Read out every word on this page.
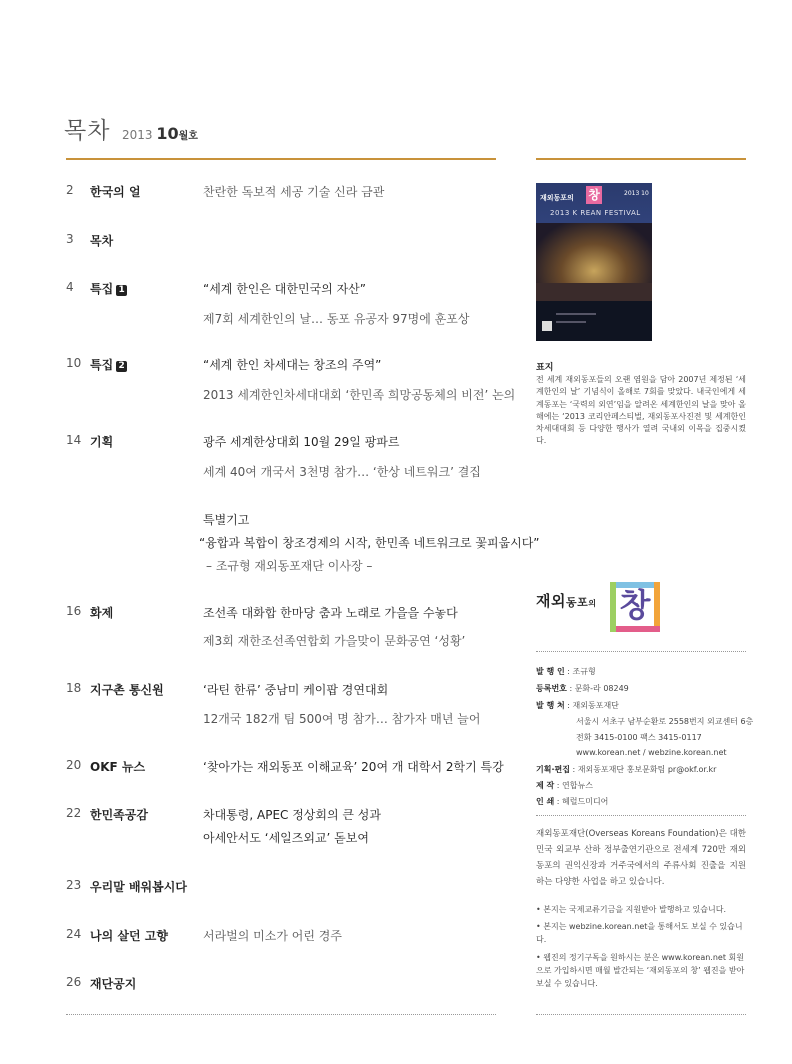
목차 2013 10월호
2 한국의 얼	찬란한 독보적 세공 기술 신라 금관
3 목차
4 특집 1	“세계 한인은 대한민국의 자산”
제7회 세계한인의 날… 동포 유공자 97명에 훈포상
10 특집 2	“세계 한인 차세대는 창조의 주역”
2013 세계한인차세대대회 ‘한민족 희망공동체의 비전’ 논의
14 기획	광주 세계한상대회 10월 29일 팡파르
세계 40여 개국서 3천명 참가… ‘한상 네트워크’ 결집
특별기고
“융합과 복합이 창조경제의 시작, 한민족 네트워크로 꽃피웁시다”
– 조규형 재외동포재단 이사장 –
16 화제	조선족 대화합 한마당 춤과 노래로 가을을 수놓다
제3회 재한조선족연합회 가을맞이 문화공연 ‘성황’
18 지구촌 통신원	‘라틴 한류’ 중남미 케이팝 경연대회
12개국 182개 팀 500여 명 참가… 참가자 매년 늘어
20 OKF 뉴스	‘찾아가는 재외동포 이해교육’ 20여 개 대학서 2학기 특강
22 한민족공감	차대통령, APEC 정상회의 큰 성과
아세안서도 ‘세일즈외교’ 돋보여
23 우리말 배워봅시다
24 나의 살던 고향	서라벌의 미소가 어린 경주
26 재단공지
재외동포의 창	2013 10
2013 K REAN FESTIVAL
표지
전 세계 재외동포들의 오랜 염원을 담아 2007년 제정된 ‘세계한인의 날’ 기념식이 올해로 7회를 맞았다. 내국인에게 세계동포는 ‘국력의 외연’임을 알려온 세계한인의 날을 맞아 올해에는 ‘2013 코리안페스티벌, 재외동포사진전 및 세계한인차세대대회 등 다양한 행사가 열려 국내외 이목을 집중시켰다.
재외동포의 창
발 행 인 : 조규형
등록번호 : 문화-라 08249
발 행 처 : 재외동포재단
서울시 서초구 남부순환로 2558번지 외교센터 6층
전화 3415-0100 팩스 3415-0117
www.korean.net / webzine.korean.net
기획·편집 : 재외동포재단 홍보문화팀 pr@okf.or.kr
제 작 : 연합뉴스
인 쇄 : 헤럴드미디어
재외동포재단(Overseas Koreans Foundation)은 대한민국 외교부 산하 정부출연기관으로 전세계 720만 재외동포의 권익신장과 거주국에서의 주류사회 진출을 지원하는 다양한 사업을 하고 있습니다.
• 본지는 국제교류기금을 지원받아 발행하고 있습니다.
• 본지는 webzine.korean.net을 통해서도 보실 수 있습니다.
• 웹진의 정기구독을 원하시는 분은 www.korean.net 회원으로 가입하시면 매월 발간되는 ‘재외동포의 창’ 웹진을 받아보실 수 있습니다.
